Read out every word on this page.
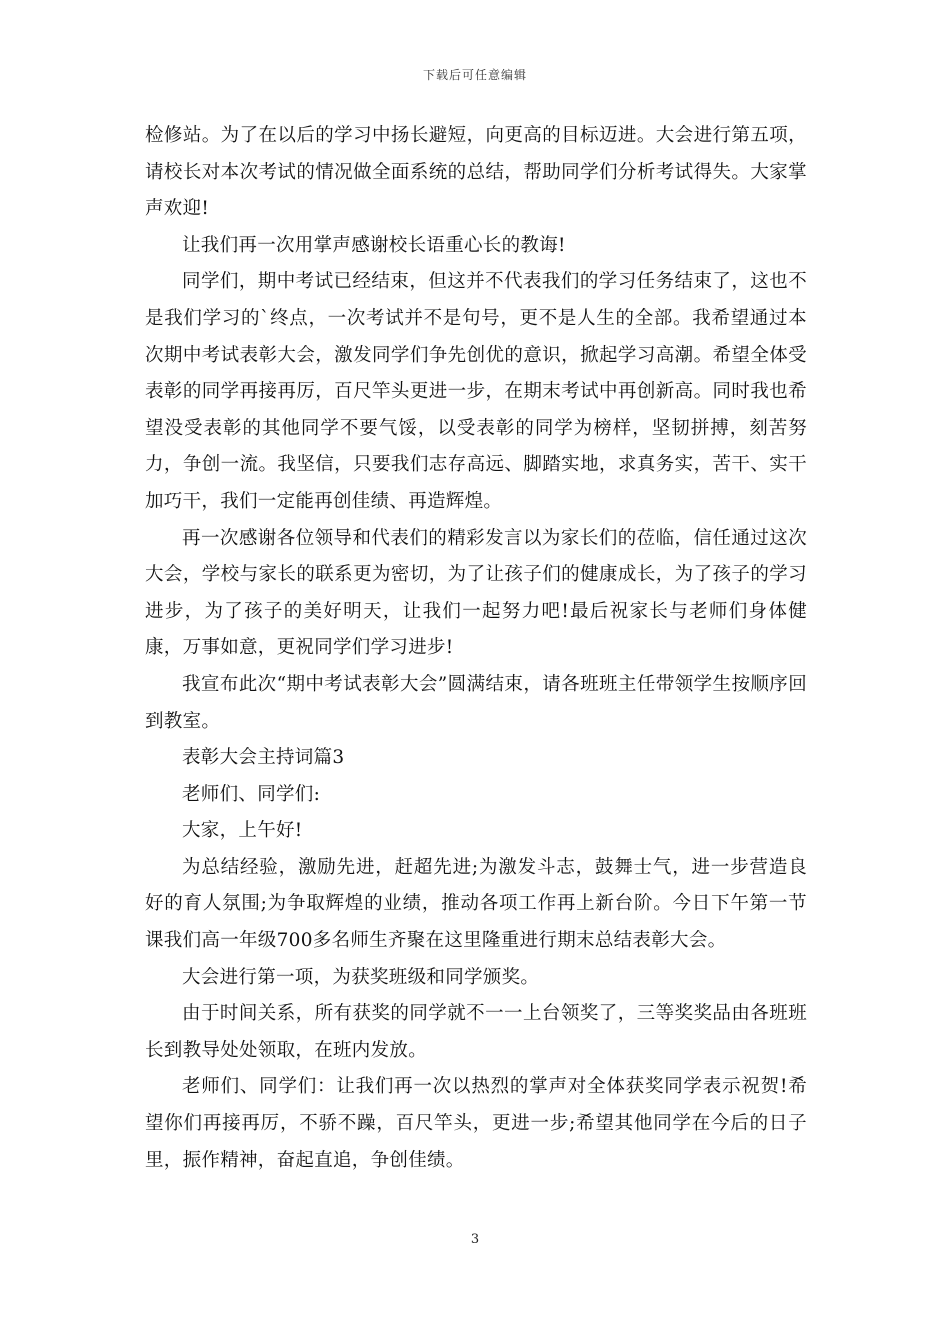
下载后可任意编辑

检修站。为了在以后的学习中扬长避短，向更高的目标迈进。大会进行第五项，请校长对本次考试的情况做全面系统的总结，帮助同学们分析考试得失。大家掌声欢迎!

让我们再一次用掌声感谢校长语重心长的教诲!

同学们，期中考试已经结束，但这并不代表我们的学习任务结束了，这也不是我们学习的`终点，一次考试并不是句号，更不是人生的全部。我希望通过本次期中考试表彰大会，激发同学们争先创优的意识，掀起学习高潮。希望全体受表彰的同学再接再厉，百尺竿头更进一步，在期末考试中再创新高。同时我也希望没受表彰的其他同学不要气馁，以受表彰的同学为榜样，坚韧拼搏，刻苦努力，争创一流。我坚信，只要我们志存高远、脚踏实地，求真务实，苦干、实干加巧干，我们一定能再创佳绩、再造辉煌。

再一次感谢各位领导和代表们的精彩发言以为家长们的莅临，信任通过这次大会，学校与家长的联系更为密切，为了让孩子们的健康成长，为了孩子的学习进步，为了孩子的美好明天，让我们一起努力吧!最后祝家长与老师们身体健康，万事如意，更祝同学们学习进步!

我宣布此次“期中考试表彰大会”圆满结束，请各班班主任带领学生按顺序回到教室。

表彰大会主持词篇3

老师们、同学们:

大家，上午好!

为总结经验，激励先进，赶超先进;为激发斗志，鼓舞士气，进一步营造良好的育人氛围;为争取辉煌的业绩，推动各项工作再上新台阶。今日下午第一节课我们高一年级700多名师生齐聚在这里隆重进行期末总结表彰大会。

大会进行第一项，为获奖班级和同学颁奖。

由于时间关系，所有获奖的同学就不一一上台领奖了，三等奖奖品由各班班长到教导处处领取，在班内发放。

老师们、同学们：让我们再一次以热烈的掌声对全体获奖同学表示祝贺!希望你们再接再厉，不骄不躁，百尺竿头，更进一步;希望其他同学在今后的日子里，振作精神，奋起直追，争创佳绩。

3
